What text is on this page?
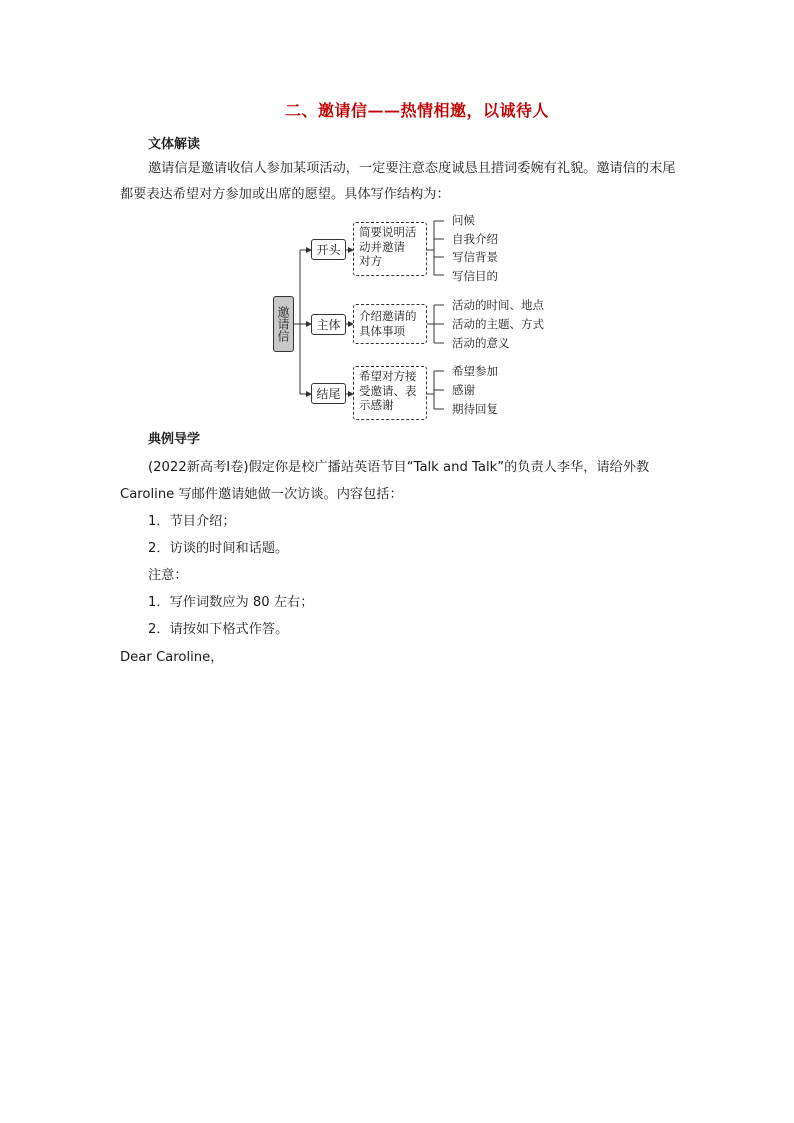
二、邀请信——热情相邀，以诚待人
文体解读
邀请信是邀请收信人参加某项活动，一定要注意态度诚恳且措词委婉有礼貌。邀请信的末尾都要表达希望对方参加或出席的愿望。具体写作结构为：
邀请信
开头
简要说明活
动并邀请
对方
问候
自我介绍
写信背景
写信目的
主体
介绍邀请的
具体事项
活动的时间、地点
活动的主题、方式
活动的意义
结尾
希望对方接
受邀请、表
示感谢
希望参加
感谢
期待回复
典例导学
(2022新高考Ⅰ卷)假定你是校广播站英语节目“Talk and Talk”的负责人李华，请给外教
Caroline 写邮件邀请她做一次访谈。内容包括：
1．节目介绍；
2．访谈的时间和话题。
注意：
1．写作词数应为 80 左右；
2．请按如下格式作答。
Dear Caroline，
